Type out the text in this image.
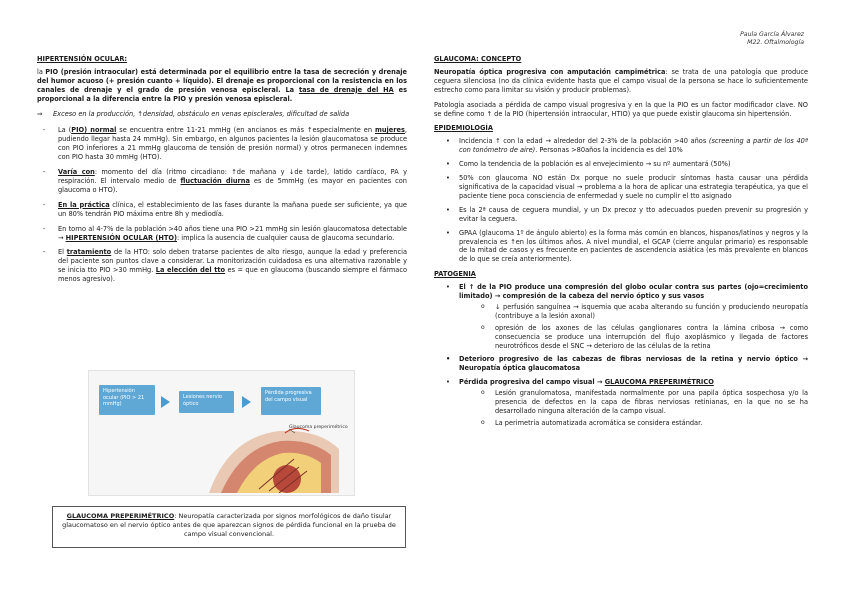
Paula García Álvarez
M22. Oftalmología
HIPERTENSIÓN OCULAR:

la PIO (presión intraocular) está determinada por el equilibrio entre la tasa de secreción y drenaje del humor acuoso (+ presión cuanto + líquido). El drenaje es proporcional con la resistencia en los canales de drenaje y el grado de presión venosa episcleral. La tasa de drenaje del HA es proporcional a la diferencia entre la PIO y presión venosa episcleral.

⇒	Exceso en la producción, ↑densidad, obstáculo en venas episclerales, dificultad de salida
- La (PIO) normal se encuentra entre 11-21 mmHg (en ancianos es más ↑especialmente en mujeres, pudiendo llegar hasta 24 mmHg). Sin embargo, en algunos pacientes la lesión glaucomatosa se produce con PIO inferiores a 21 mmHg glaucoma de tensión de presión normal) y otros permanecen indemnes con PIO hasta 30 mmHg (HTO).
- Varía con: momento del día (ritmo circadiano: ↑de mañana y ↓de tarde), latido cardíaco, PA y respiración. El intervalo medio de fluctuación diurna es de 5mmHg (es mayor en pacientes con glaucoma o HTO).
- En la práctica clínica, el establecimiento de las fases durante la mañana puede ser suficiente, ya que un 80% tendrán PIO máxima entre 8h y mediodía.
- En torno al 4-7% de la población >40 años tiene una PIO >21 mmHg sin lesión glaucomatosa detectable → HIPERTENSIÓN OCULAR (HTO): implica la ausencia de cualquier causa de glaucoma secundario.
- El tratamiento de la HTO: solo deben tratarse pacientes de alto riesgo, aunque la edad y preferencia del paciente son puntos clave a considerar. La monitorización cuidadosa es una alternativa razonable y se inicia tto PIO >30 mmHg. La elección del tto es = que en glaucoma (buscando siempre el fármaco menos agresivo).
Hipertensión ocular (PIO > 21 mmHg)
Lesiones nervio óptico
Pérdida progresiva del campo visual
Glaucoma preperimétrico
GLAUCOMA PREPERIMÉTRICO: Neuropatía caracterizada por signos morfológicos de daño tisular glaucomatoso en el nervio óptico antes de que aparezcan signos de pérdida funcional en la prueba de campo visual convencional.
GLAUCOMA: CONCEPTO

Neuropatía óptica progresiva con amputación campimétrica: se trata de una patología que produce ceguera silenciosa (no da clínica evidente hasta que el campo visual de la persona se hace lo suficientemente estrecho como para limitar su visión y producir problemas).

Patología asociada a pérdida de campo visual progresiva y en la que la PIO es un factor modificador clave. NO se define como ↑ de la PIO (hipertensión intraocular, HTIO) ya que puede existir glaucoma sin hipertensión.

EPIDEMIOLOGÍA
• Incidencia ↑ con la edad → alrededor del 2-3% de la población >40 años (screening a partir de los 40ª con tonómetro de aire). Personas >80años la incidencia es del 10%
• Como la tendencia de la población es al envejecimiento → su nº aumentará (50%)
• 50% con glaucoma NO están Dx porque no suele producir síntomas hasta causar una pérdida significativa de la capacidad visual → problema a la hora de aplicar una estrategia terapéutica, ya que el paciente tiene poca consciencia de enfermedad y suele no cumplir el tto asignado
• Es la 2ª causa de ceguera mundial, y un Dx precoz y tto adecuados pueden prevenir su progresión y evitar la ceguera.
• GPAA (glaucoma 1º de ángulo abierto) es la forma más común en blancos, hispanos/latinos y negros y la prevalencia es ↑en los últimos años. A nivel mundial, el GCAP (cierre angular primario) es responsable de la mitad de casos y es frecuente en pacientes de ascendencia asiática (es más prevalente en blancos de lo que se creía anteriormente).
PATOGENIA
• El ↑ de la PIO produce una compresión del globo ocular contra sus partes (ojo=crecimiento limitado) → compresión de la cabeza del nervio óptico y sus vasos
o ↓ perfusión sanguínea → isquemia que acaba alterando su función y produciendo neuropatía (contribuye a la lesión axonal)
o opresión de los axones de las células ganglionares contra la lámina cribosa → como consecuencia se produce una interrupción del flujo axoplásmico y llegada de factores neurotróficos desde el SNC → deterioro de las células de la retina
• Deterioro progresivo de las cabezas de fibras nerviosas de la retina y nervio óptico → Neuropatía óptica glaucomatosa
• Pérdida progresiva del campo visual → GLAUCOMA PREPERIMÉTRICO
o Lesión granulomatosa, manifestada normalmente por una papila óptica sospechosa y/o la presencia de defectos en la capa de fibras nerviosas retinianas, en la que no se ha desarrollado ninguna alteración de la campo visual.
o La perimetría automatizada acromática se considera estándar.
